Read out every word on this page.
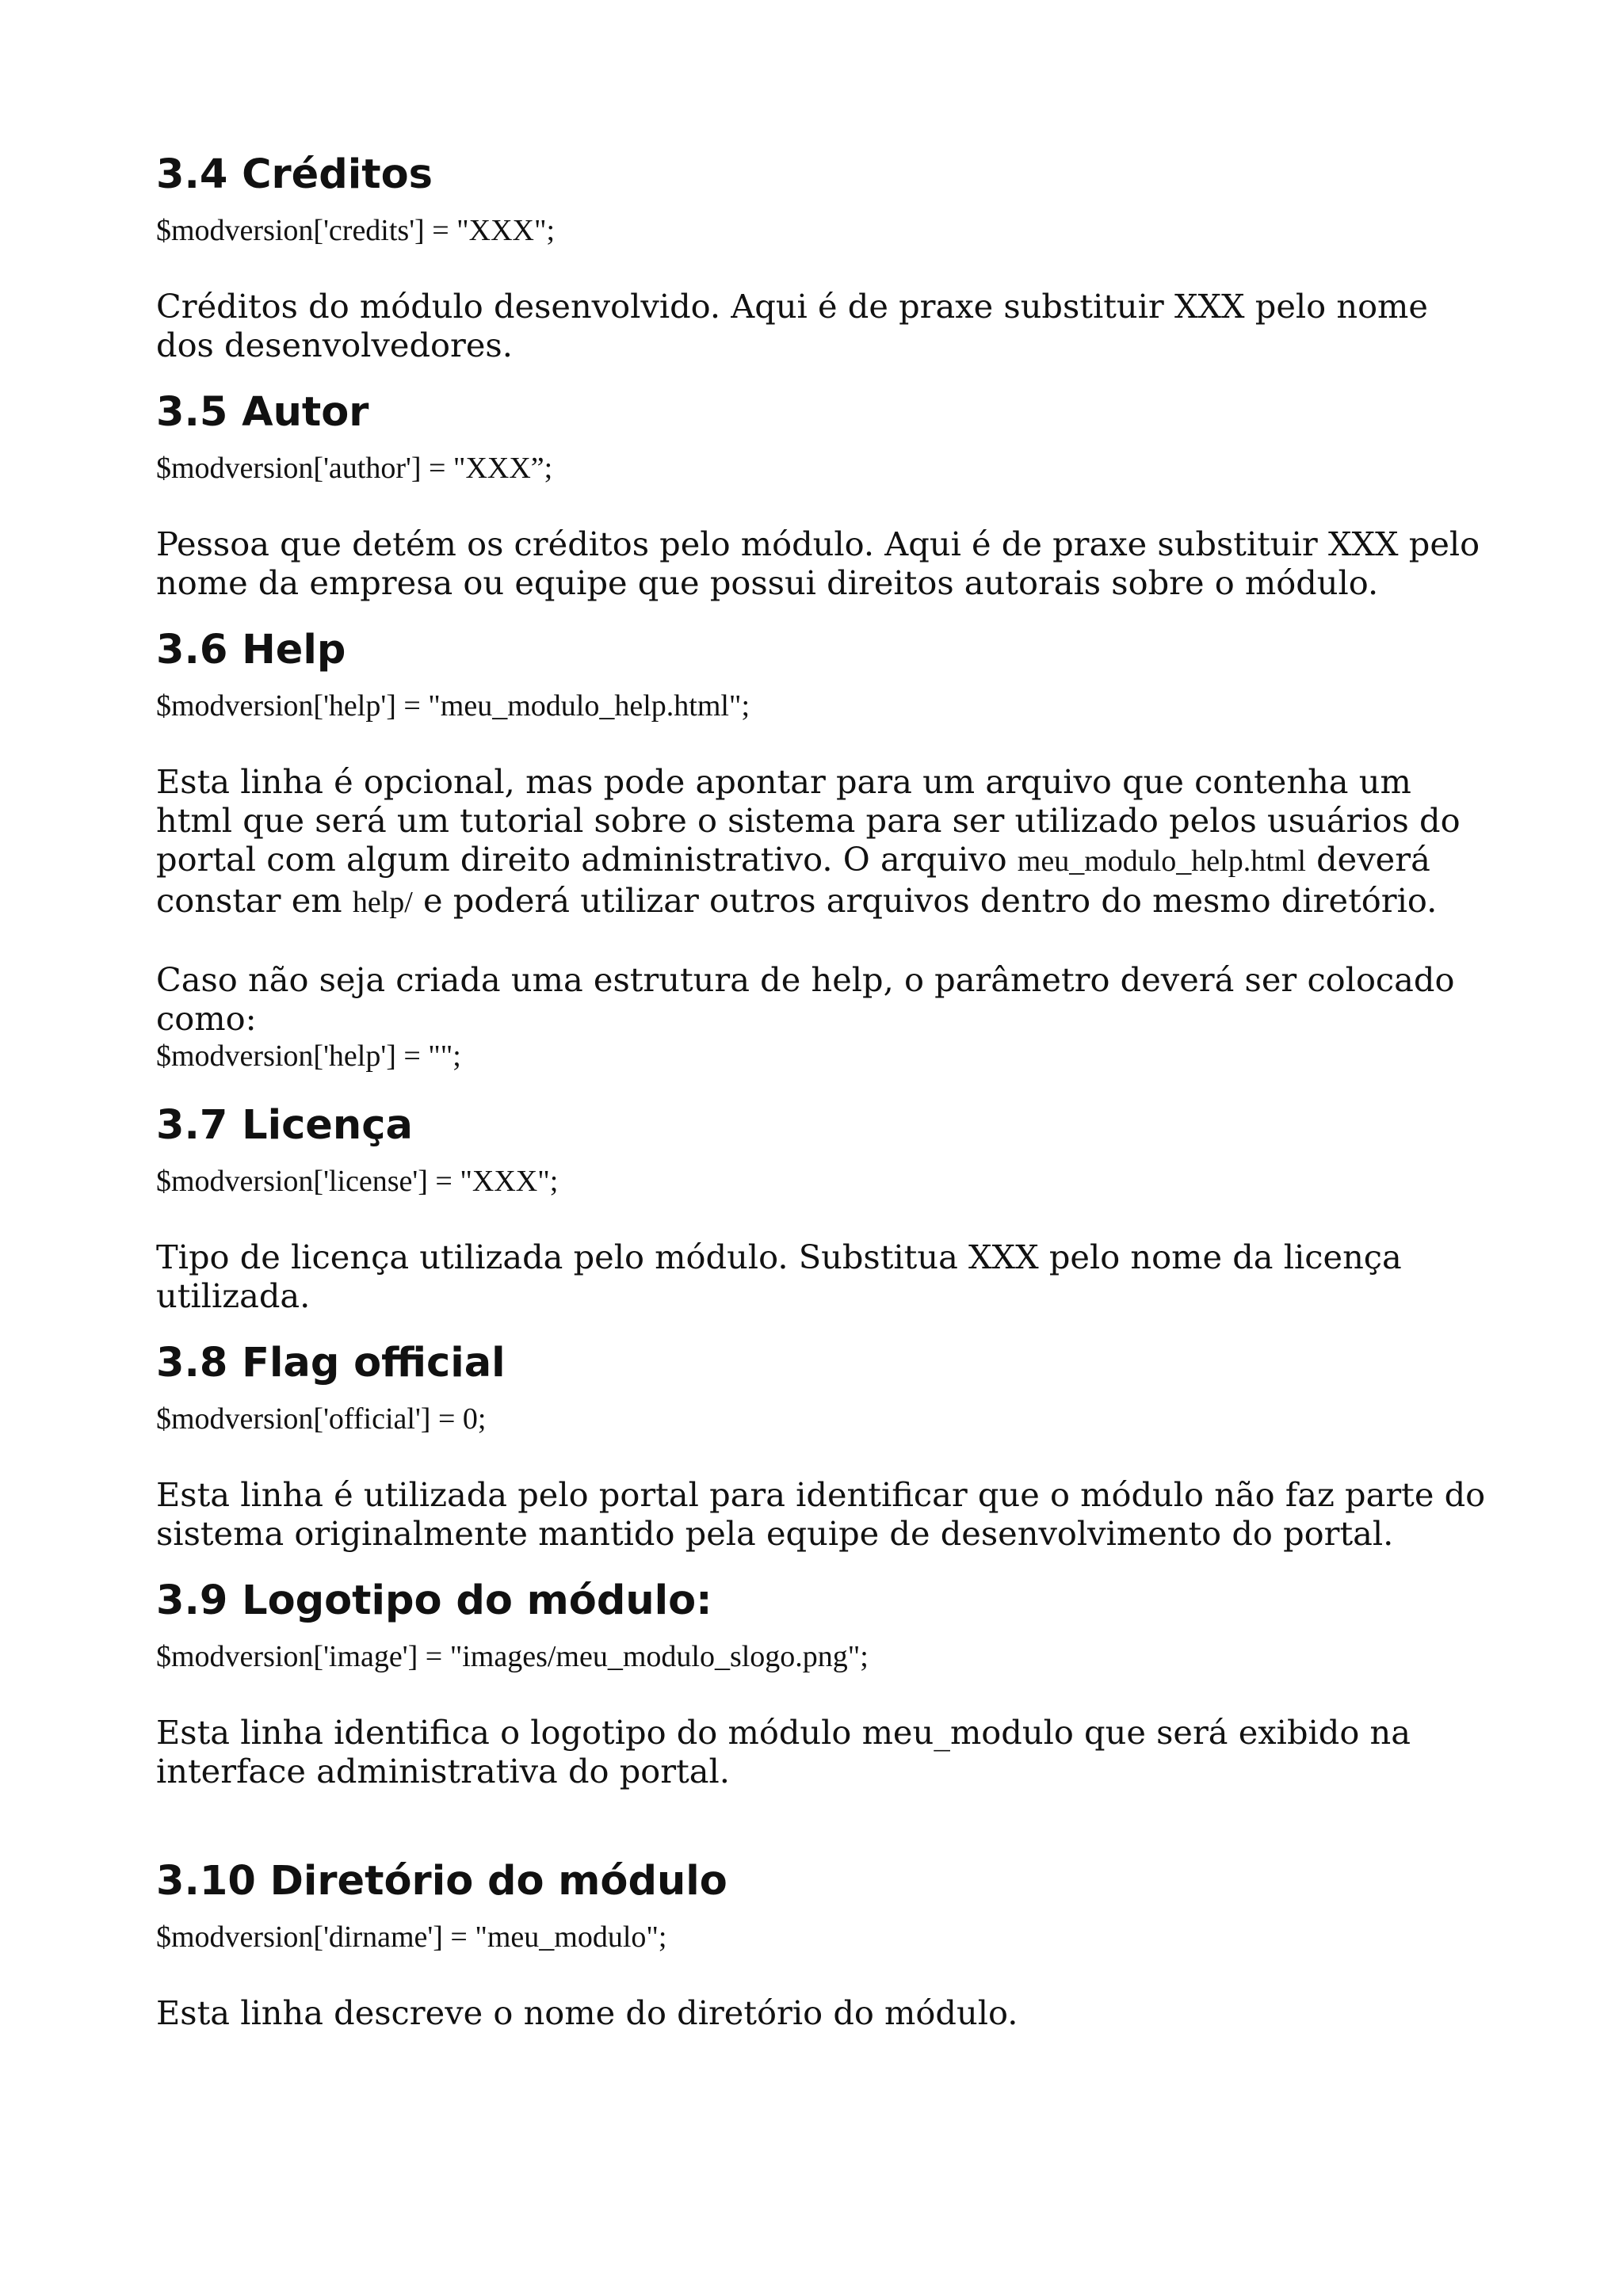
3.4 Créditos
$modversion['credits'] = "XXX";

Créditos do módulo desenvolvido. Aqui é de praxe substituir XXX pelo nome dos desenvolvedores.

3.5 Autor
$modversion['author'] = "XXX”;

Pessoa que detém os créditos pelo módulo. Aqui é de praxe substituir XXX pelo nome da empresa ou equipe que possui direitos autorais sobre o módulo.

3.6 Help
$modversion['help'] = "meu_modulo_help.html";

Esta linha é opcional, mas pode apontar para um arquivo que contenha um html que será um tutorial sobre o sistema para ser utilizado pelos usuários do portal com algum direito administrativo. O arquivo meu_modulo_help.html deverá constar em help/ e poderá utilizar outros arquivos dentro do mesmo diretório.

Caso não seja criada uma estrutura de help, o parâmetro deverá ser colocado como:

$modversion['help'] = "";
3.7 Licença
$modversion['license'] = "XXX";

Tipo de licença utilizada pelo módulo. Substitua XXX pelo nome da licença utilizada.

3.8 Flag official
$modversion['official'] = 0;

Esta linha é utilizada pelo portal para identificar que o módulo não faz parte do sistema originalmente mantido pela equipe de desenvolvimento do portal.

3.9 Logotipo do módulo:
$modversion['image'] = "images/meu_modulo_slogo.png";

Esta linha identifica o logotipo do módulo meu_modulo que será exibido na interface administrativa do portal.

3.10 Diretório do módulo
$modversion['dirname'] = "meu_modulo";

Esta linha descreve o nome do diretório do módulo.
